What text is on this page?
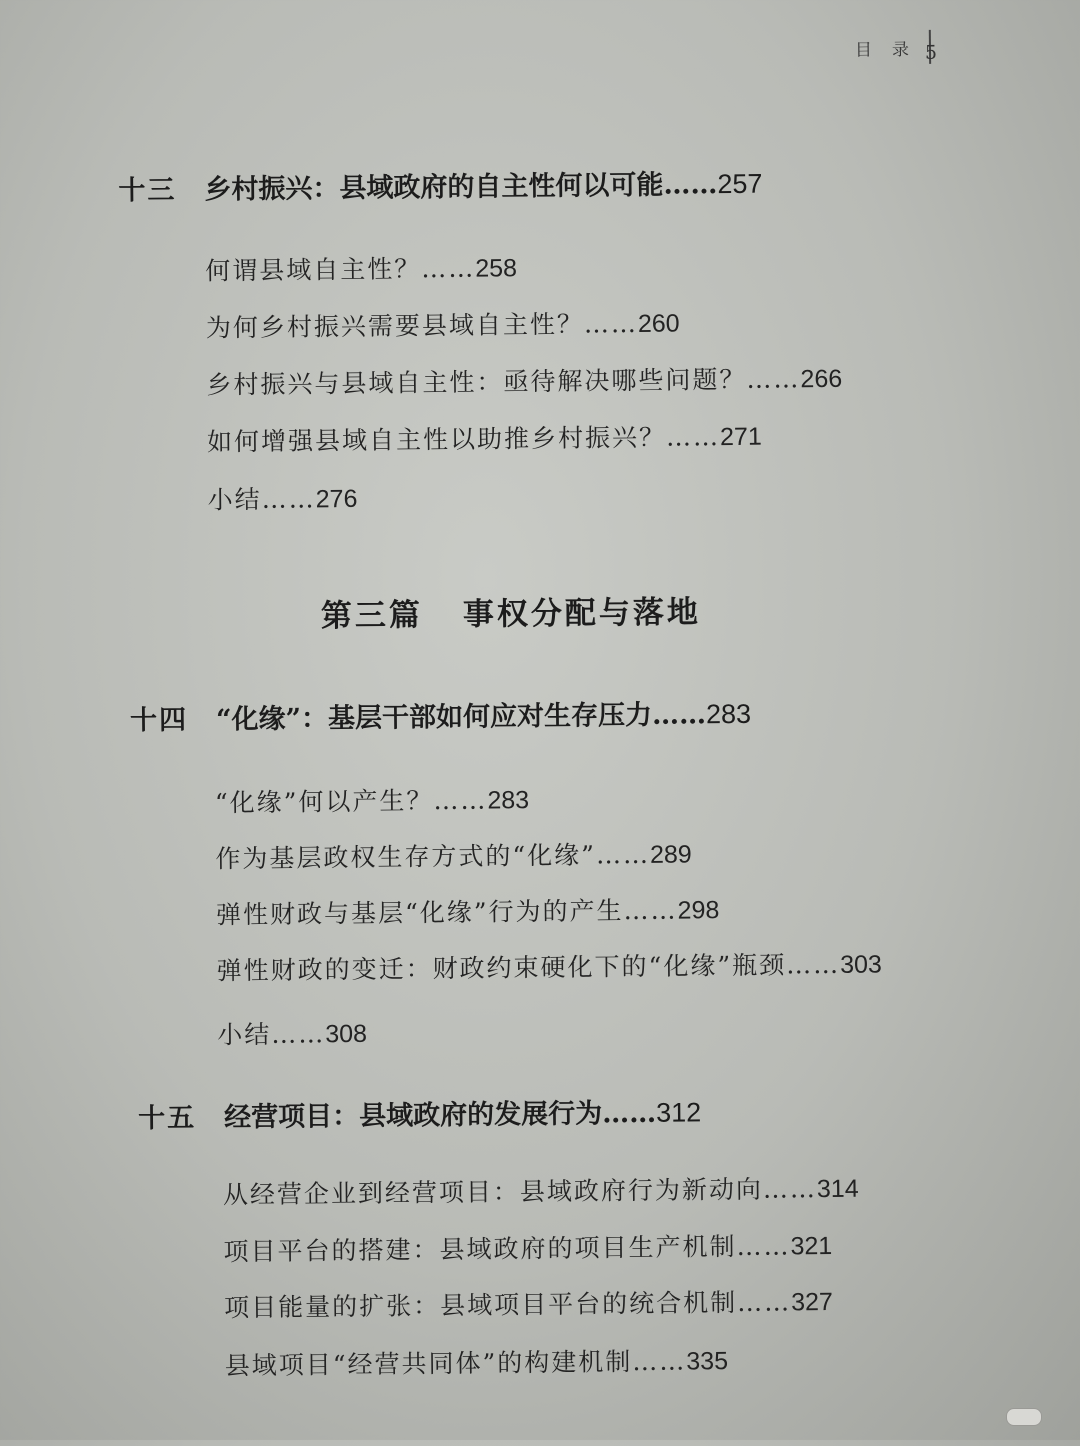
目录
5
十三 乡村振兴：县域政府的自主性何以可能……257
何谓县域自主性？……258
为何乡村振兴需要县域自主性？……260
乡村振兴与县域自主性：亟待解决哪些问题？……266
如何增强县域自主性以助推乡村振兴？……271
小结……276
第三篇 事权分配与落地
十四 “化缘”：基层干部如何应对生存压力……283
“化缘”何以产生？……283
作为基层政权生存方式的“化缘”……289
弹性财政与基层“化缘”行为的产生……298
弹性财政的变迁：财政约束硬化下的“化缘”瓶颈……303
小结……308
十五 经营项目：县域政府的发展行为……312
从经营企业到经营项目：县域政府行为新动向……314
项目平台的搭建：县域政府的项目生产机制……321
项目能量的扩张：县域项目平台的统合机制……327
县域项目“经营共同体”的构建机制……335
